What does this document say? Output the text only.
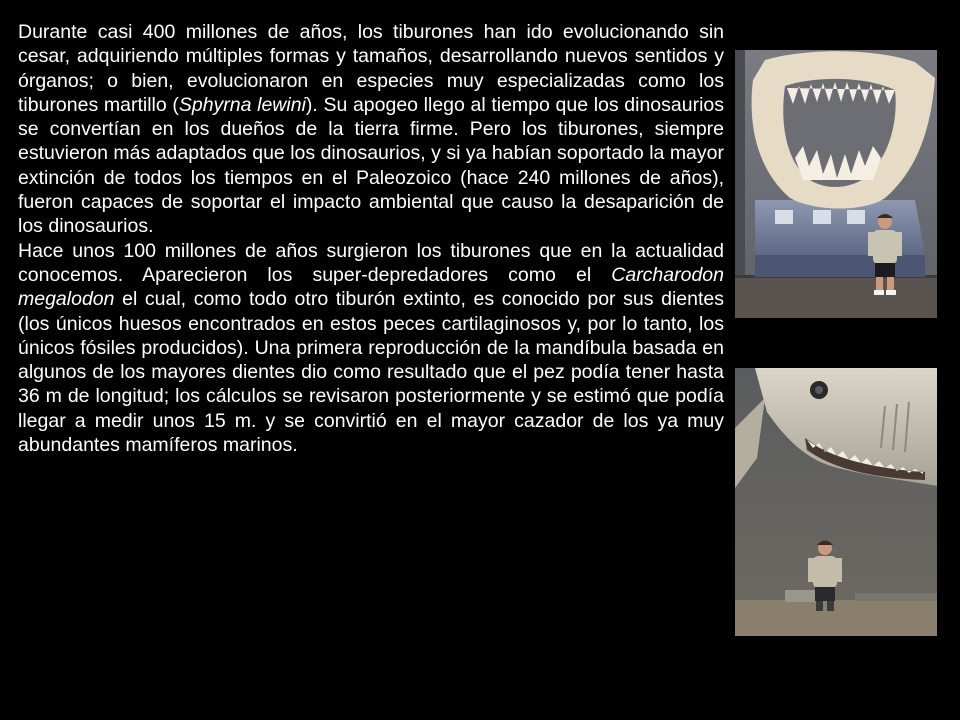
Durante casi 400 millones de años, los tiburones han ido evolucionando sin cesar, adquiriendo múltiples formas y tamaños, desarrollando nuevos sentidos y órganos; o bien, evolucionaron en especies muy especializadas como los tiburones martillo (Sphyrna lewini). Su apogeo llego al tiempo que los dinosaurios se convertían en los dueños de la tierra firme. Pero los tiburones, siempre estuvieron más adaptados que los dinosaurios, y si ya habían soportado la mayor extinción de todos los tiempos en el Paleozoico (hace 240 millones de años), fueron capaces de soportar el impacto ambiental que causo la desaparición de los dinosaurios.

Hace unos 100 millones de años surgieron los tiburones que en la actualidad conocemos. Aparecieron los super-depredadores como el Carcharodon megalodon el cual, como todo otro tiburón extinto, es conocido por sus dientes (los únicos huesos encontrados en estos peces cartilaginosos y, por lo tanto, los únicos fósiles producidos). Una primera reproducción de la mandíbula basada en algunos de los mayores dientes dio como resultado que el pez podía tener hasta 36 m de longitud; los cálculos se revisaron posteriormente y se estimó que podía llegar a medir unos 15 m. y se convirtió en el mayor cazador de los ya muy abundantes mamíferos marinos.
